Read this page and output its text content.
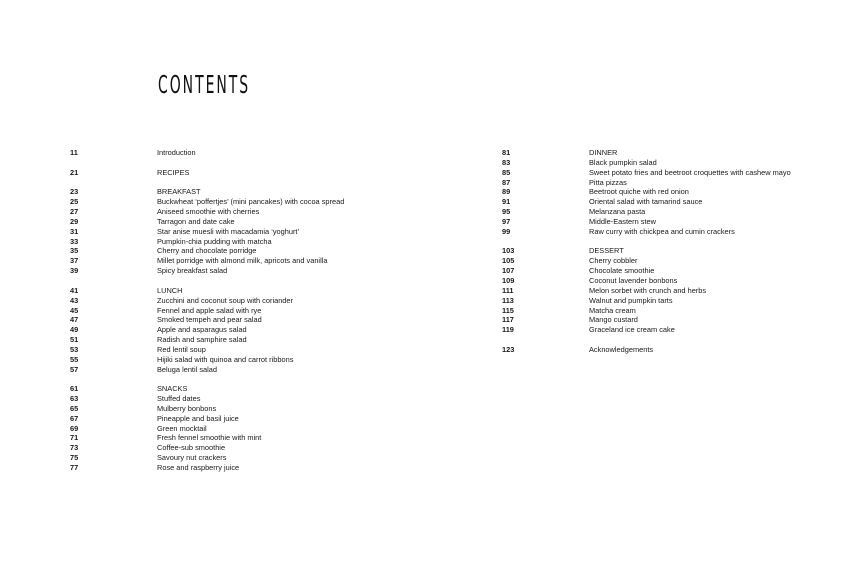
CONTENTS
11	Introduction
21	RECIPES
23	BREAKFAST
25	Buckwheat ‘poffertjes’ (mini pancakes) with cocoa spread
27	Aniseed smoothie with cherries
29	Tarragon and date cake
31	Star anise muesli with macadamia ‘yoghurt’
33	Pumpkin-chia pudding with matcha
35	Cherry and chocolate porridge
37	Millet porridge with almond milk, apricots and vanilla
39	Spicy breakfast salad
41	LUNCH
43	Zucchini and coconut soup with coriander
45	Fennel and apple salad with rye
47	Smoked tempeh and pear salad
49	Apple and asparagus salad
51	Radish and samphire salad
53	Red lentil soup
55	Hijiki salad with quinoa and carrot ribbons
57	Beluga lentil salad
61	SNACKS
63	Stuffed dates
65	Mulberry bonbons
67	Pineapple and basil juice
69	Green mocktail
71	Fresh fennel smoothie with mint
73	Coffee-sub smoothie
75	Savoury nut crackers
77	Rose and raspberry juice
81	DINNER
83	Black pumpkin salad
85	Sweet potato fries and beetroot croquettes with cashew mayo
87	Pitta pizzas
89	Beetroot quiche with red onion
91	Oriental salad with tamarind sauce
95	Melanzana pasta
97	Middle-Eastern stew
99	Raw curry with chickpea and cumin crackers
103	DESSERT
105	Cherry cobbler
107	Chocolate smoothie
109	Coconut lavender bonbons
111	Melon sorbet with crunch and herbs
113	Walnut and pumpkin tarts
115	Matcha cream
117	Mango custard
119	Graceland ice cream cake
123	Acknowledgements
